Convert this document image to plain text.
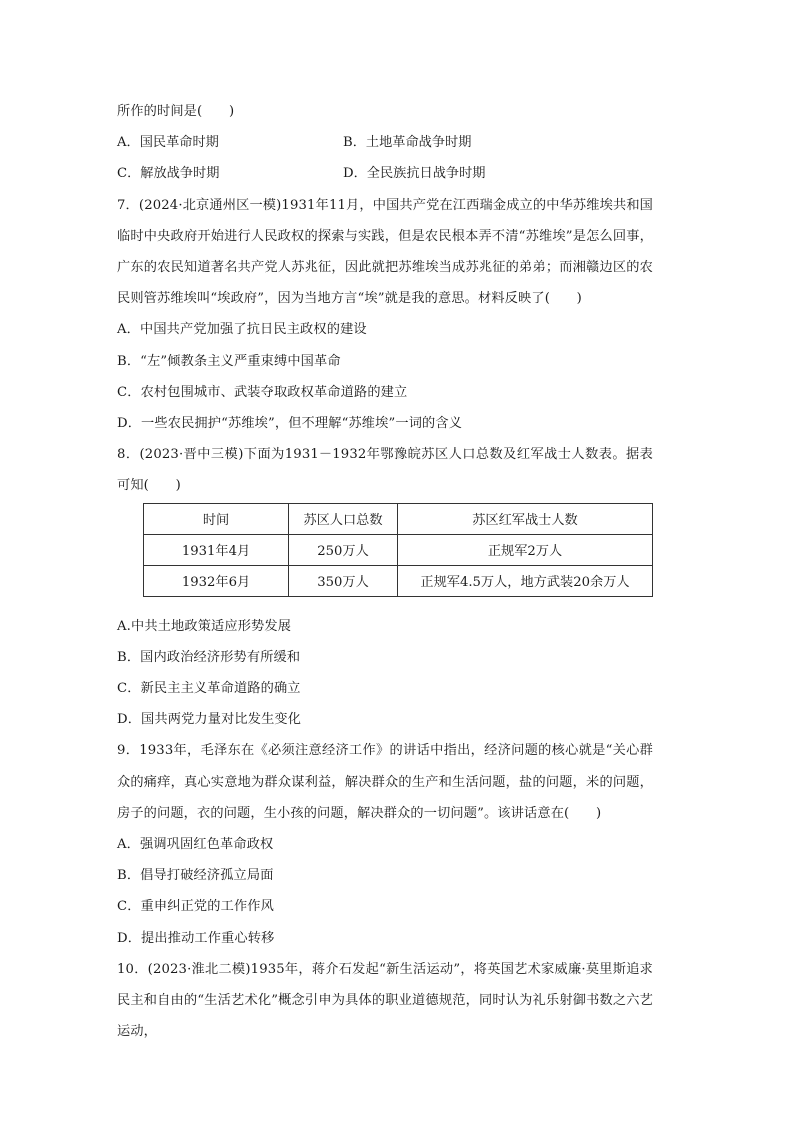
所作的时间是(　　)
A．国民革命时期	B．土地革命战争时期
C．解放战争时期	D．全民族抗日战争时期
7．(2024·北京通州区一模)1931年11月，中国共产党在江西瑞金成立的中华苏维埃共和国临时中央政府开始进行人民政权的探索与实践，但是农民根本弄不清“苏维埃”是怎么回事，广东的农民知道著名共产党人苏兆征，因此就把苏维埃当成苏兆征的弟弟；而湘赣边区的农民则管苏维埃叫“埃政府”，因为当地方言“埃”就是我的意思。材料反映了(　　)
A．中国共产党加强了抗日民主政权的建设
B．“左”倾教条主义严重束缚中国革命
C．农村包围城市、武装夺取政权革命道路的建立
D．一些农民拥护“苏维埃”，但不理解“苏维埃”一词的含义
8．(2023·晋中三模)下面为1931－1932年鄂豫皖苏区人口总数及红军战士人数表。据表可知(　　)
时间	苏区人口总数	苏区红军战士人数
1931年4月	250万人	正规军2万人
1932年6月	350万人	正规军4.5万人，地方武装20余万人
A.中共土地政策适应形势发展
B．国内政治经济形势有所缓和
C．新民主主义革命道路的确立
D．国共两党力量对比发生变化
9．1933年，毛泽东在《必须注意经济工作》的讲话中指出，经济问题的核心就是“关心群众的痛痒，真心实意地为群众谋利益，解决群众的生产和生活问题，盐的问题，米的问题，房子的问题，衣的问题，生小孩的问题，解决群众的一切问题”。该讲话意在(　　)
A．强调巩固红色革命政权
B．倡导打破经济孤立局面
C．重申纠正党的工作作风
D．提出推动工作重心转移
10．(2023·淮北二模)1935年，蒋介石发起“新生活运动”，将英国艺术家威廉·莫里斯追求民主和自由的“生活艺术化”概念引申为具体的职业道德规范，同时认为礼乐射御书数之六艺运动，
